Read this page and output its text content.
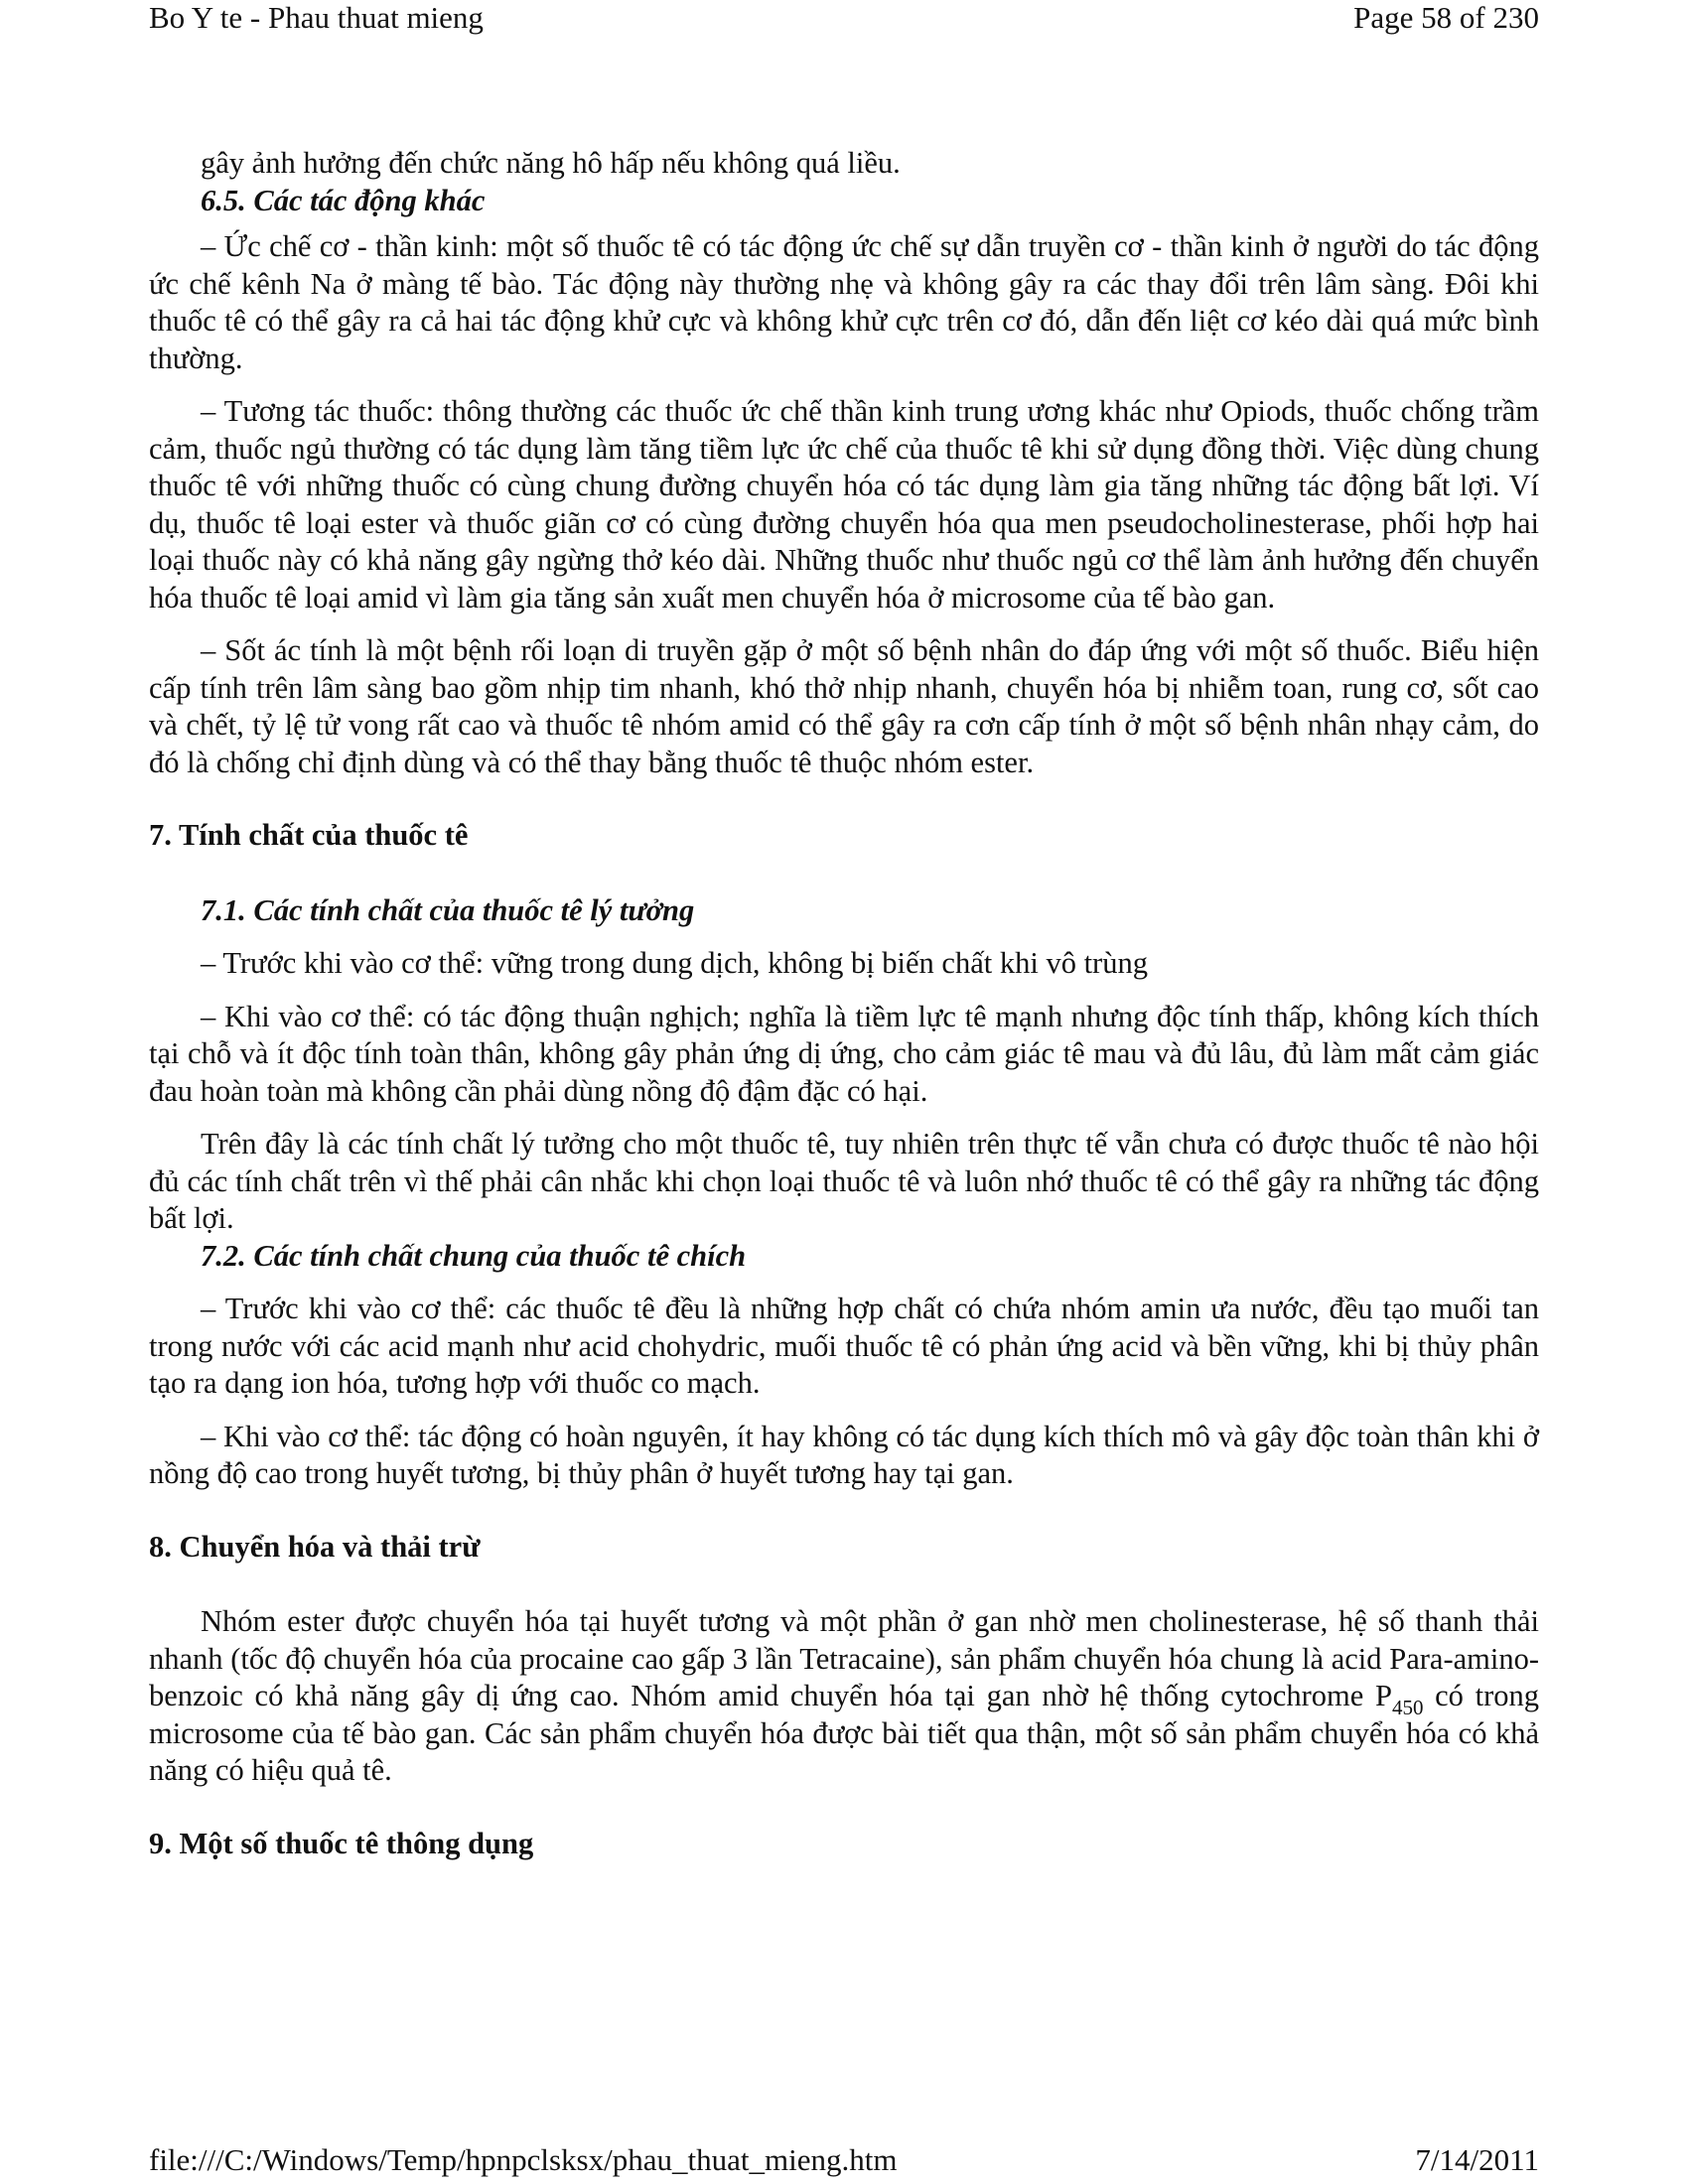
Bo Y te - Phau thuat mieng	Page 58 of 230

gây ảnh hưởng đến chức năng hô hấp nếu không quá liều.

6.5. Các tác động khác

– Ức chế cơ - thần kinh: một số thuốc tê có tác động ức chế sự dẫn truyền cơ - thần kinh ở người do tác động ức chế kênh Na ở màng tế bào. Tác động này thường nhẹ và không gây ra các thay đổi trên lâm sàng. Đôi khi thuốc tê có thể gây ra cả hai tác động khử cực và không khử cực trên cơ đó, dẫn đến liệt cơ kéo dài quá mức bình thường.

– Tương tác thuốc: thông thường các thuốc ức chế thần kinh trung ương khác như Opiods, thuốc chống trầm cảm, thuốc ngủ thường có tác dụng làm tăng tiềm lực ức chế của thuốc tê khi sử dụng đồng thời. Việc dùng chung thuốc tê với những thuốc có cùng chung đường chuyển hóa có tác dụng làm gia tăng những tác động bất lợi. Ví dụ, thuốc tê loại ester và thuốc giãn cơ có cùng đường chuyển hóa qua men pseudocholinesterase, phối hợp hai loại thuốc này có khả năng gây ngừng thở kéo dài. Những thuốc như thuốc ngủ cơ thể làm ảnh hưởng đến chuyển hóa thuốc tê loại amid vì làm gia tăng sản xuất men chuyển hóa ở microsome của tế bào gan.

– Sốt ác tính là một bệnh rối loạn di truyền gặp ở một số bệnh nhân do đáp ứng với một số thuốc. Biểu hiện cấp tính trên lâm sàng bao gồm nhịp tim nhanh, khó thở nhịp nhanh, chuyển hóa bị nhiễm toan, rung cơ, sốt cao và chết, tỷ lệ tử vong rất cao và thuốc tê nhóm amid có thể gây ra cơn cấp tính ở một số bệnh nhân nhạy cảm, do đó là chống chỉ định dùng và có thể thay bằng thuốc tê thuộc nhóm ester.

7. Tính chất của thuốc tê

7.1. Các tính chất của thuốc tê lý tưởng

– Trước khi vào cơ thể: vững trong dung dịch, không bị biến chất khi vô trùng

– Khi vào cơ thể: có tác động thuận nghịch; nghĩa là tiềm lực tê mạnh nhưng độc tính thấp, không kích thích tại chỗ và ít độc tính toàn thân, không gây phản ứng dị ứng, cho cảm giác tê mau và đủ lâu, đủ làm mất cảm giác đau hoàn toàn mà không cần phải dùng nồng độ đậm đặc có hại.

Trên đây là các tính chất lý tưởng cho một thuốc tê, tuy nhiên trên thực tế vẫn chưa có được thuốc tê nào hội đủ các tính chất trên vì thế phải cân nhắc khi chọn loại thuốc tê và luôn nhớ thuốc tê có thể gây ra những tác động bất lợi.

7.2. Các tính chất chung của thuốc tê chích

– Trước khi vào cơ thể: các thuốc tê đều là những hợp chất có chứa nhóm amin ưa nước, đều tạo muối tan trong nước với các acid mạnh như acid chohydric, muối thuốc tê có phản ứng acid và bền vững, khi bị thủy phân tạo ra dạng ion hóa, tương hợp với thuốc co mạch.

– Khi vào cơ thể: tác động có hoàn nguyên, ít hay không có tác dụng kích thích mô và gây độc toàn thân khi ở nồng độ cao trong huyết tương, bị thủy phân ở huyết tương hay tại gan.

8. Chuyển hóa và thải trừ

Nhóm ester được chuyển hóa tại huyết tương và một phần ở gan nhờ men cholinesterase, hệ số thanh thải nhanh (tốc độ chuyển hóa của procaine cao gấp 3 lần Tetracaine), sản phẩm chuyển hóa chung là acid Para-amino-benzoic có khả năng gây dị ứng cao. Nhóm amid chuyển hóa tại gan nhờ hệ thống cytochrome $P_{450}$ có trong microsome của tế bào gan. Các sản phẩm chuyển hóa được bài tiết qua thận, một số sản phẩm chuyển hóa có khả năng có hiệu quả tê.

9. Một số thuốc tê thông dụng

file:///C:/Windows/Temp/hpnpclsksx/phau_thuat_mieng.htm	7/14/2011
